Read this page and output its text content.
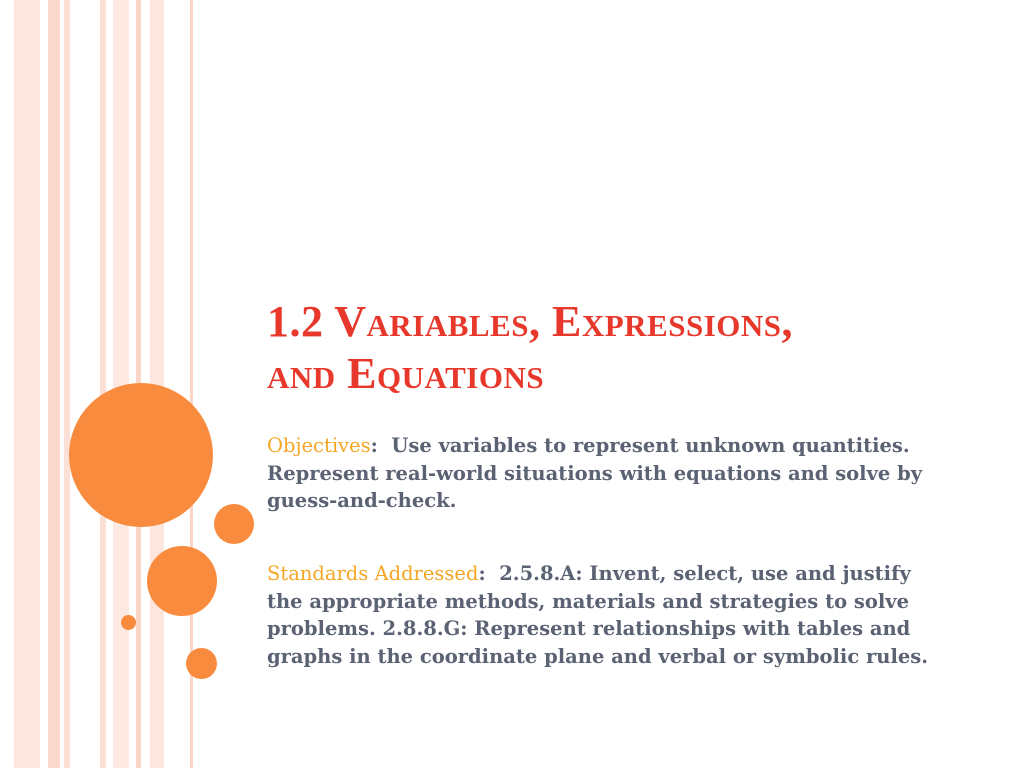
1.2 Variables, Expressions,
and Equations

Objectives: Use variables to represent unknown quantities. Represent real-world situations with equations and solve by guess-and-check.

Standards Addressed: 2.5.8.A: Invent, select, use and justify the appropriate methods, materials and strategies to solve problems. 2.8.8.G: Represent relationships with tables and graphs in the coordinate plane and verbal or symbolic rules.
